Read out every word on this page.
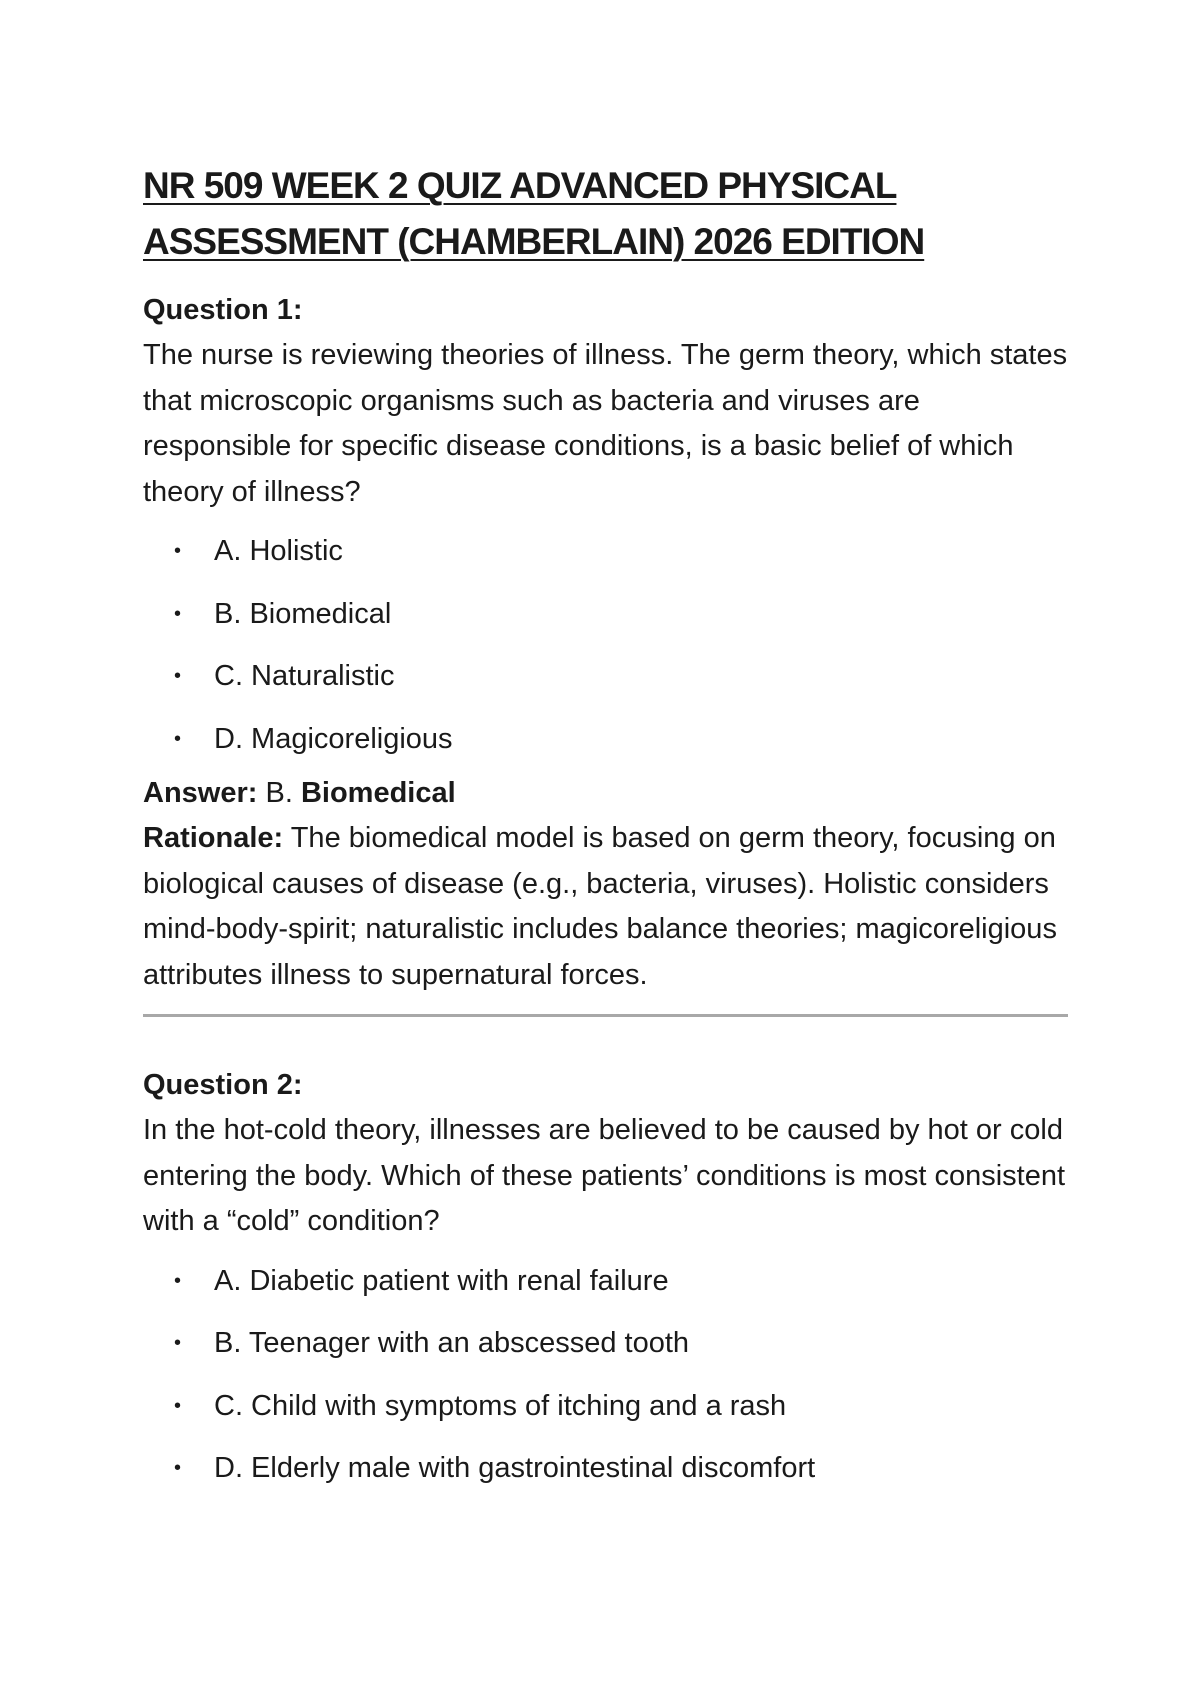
NR 509 WEEK 2 QUIZ ADVANCED PHYSICAL
ASSESSMENT (CHAMBERLAIN) 2026 EDITION

Question 1:

The nurse is reviewing theories of illness. The germ theory, which states that microscopic organisms such as bacteria and viruses are responsible for specific disease conditions, is a basic belief of which theory of illness?

• A. Holistic
• B. Biomedical
• C. Naturalistic
• D. Magicoreligious

Answer: B. Biomedical

Rationale: The biomedical model is based on germ theory, focusing on biological causes of disease (e.g., bacteria, viruses). Holistic considers mind-body-spirit; naturalistic includes balance theories; magicoreligious attributes illness to supernatural forces.

Question 2:

In the hot-cold theory, illnesses are believed to be caused by hot or cold entering the body. Which of these patients’ conditions is most consistent with a “cold” condition?

• A. Diabetic patient with renal failure
• B. Teenager with an abscessed tooth
• C. Child with symptoms of itching and a rash
• D. Elderly male with gastrointestinal discomfort
